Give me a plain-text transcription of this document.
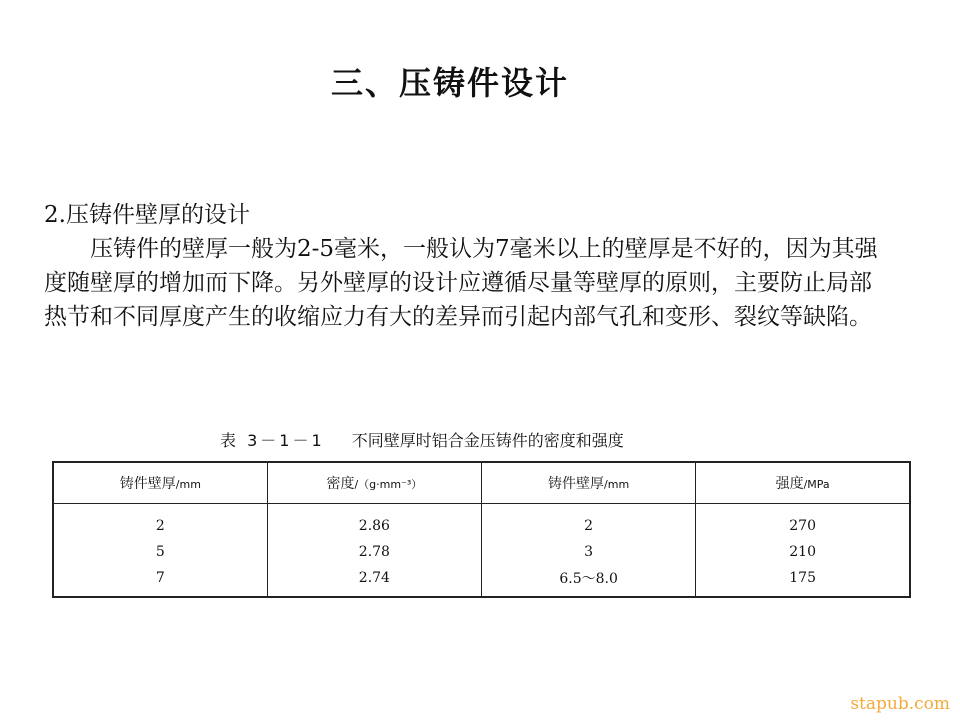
三、压铸件设计
2.压铸件壁厚的设计
压铸件的壁厚一般为2-5毫米，一般认为7毫米以上的壁厚是不好的，因为其强度随壁厚的增加而下降。另外壁厚的设计应遵循尽量等壁厚的原则，主要防止局部热节和不同厚度产生的收缩应力有大的差异而引起内部气孔和变形、裂纹等缺陷。
表 3－1－1 不同壁厚时铝合金压铸件的密度和强度
铸件壁厚/mm	密度/（g·mm⁻³）	铸件壁厚/mm	强度/MPa
2	2.86	2	270
5	2.78	3	210
7	2.74	6.5～8.0	175
stapub.com
